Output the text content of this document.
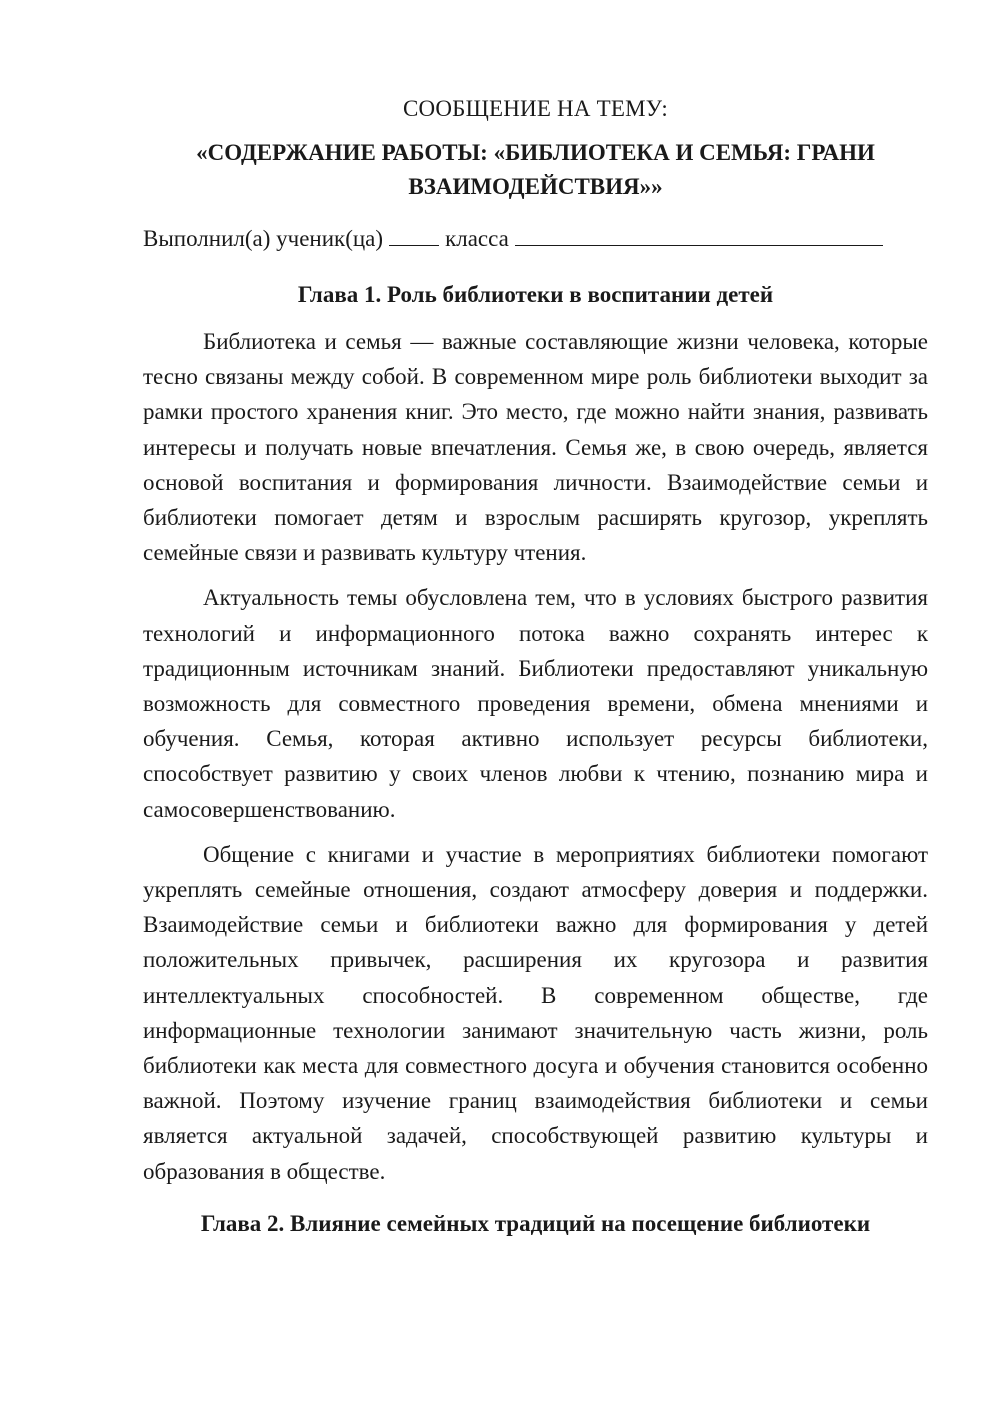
СООБЩЕНИЕ НА ТЕМУ:
«СОДЕРЖАНИЕ РАБОТЫ: «БИБЛИОТЕКА И СЕМЬЯ: ГРАНИ ВЗАИМОДЕЙСТВИЯ»»
Выполнил(а) ученик(ца)	класса
Глава 1. Роль библиотеки в воспитании детей

Библиотека и семья — важные составляющие жизни человека, которые тесно связаны между собой. В современном мире роль библиотеки выходит за рамки простого хранения книг. Это место, где можно найти знания, развивать интересы и получать новые впечатления. Семья же, в свою очередь, является основой воспитания и формирования личности. Взаимодействие семьи и библиотеки помогает детям и взрослым расширять кругозор, укреплять семейные связи и развивать культуру чтения.

Актуальность темы обусловлена тем, что в условиях быстрого развития технологий и информационного потока важно сохранять интерес к традиционным источникам знаний. Библиотеки предоставляют уникальную возможность для совместного проведения времени, обмена мнениями и обучения. Семья, которая активно использует ресурсы библиотеки, способствует развитию у своих членов любви к чтению, познанию мира и самосовершенствованию.

Общение с книгами и участие в мероприятиях библиотеки помогают укреплять семейные отношения, создают атмосферу доверия и поддержки. Взаимодействие семьи и библиотеки важно для формирования у детей положительных привычек, расширения их кругозора и развития интеллектуальных способностей. В современном обществе, где информационные технологии занимают значительную часть жизни, роль библиотеки как места для совместного досуга и обучения становится особенно важной. Поэтому изучение границ взаимодействия библиотеки и семьи является актуальной задачей, способствующей развитию культуры и образования в обществе.

Глава 2. Влияние семейных традиций на посещение библиотеки
